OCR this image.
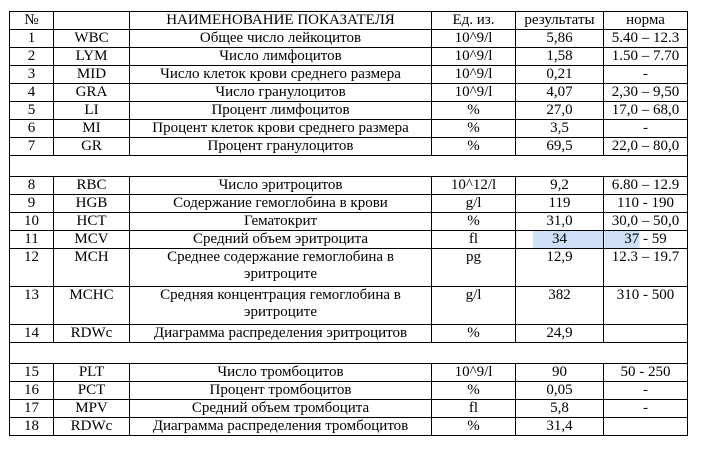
№		НАИМЕНОВАНИЕ ПОКАЗАТЕЛЯ	Ед. из.	результаты	норма
1	WBC	Общее число лейкоцитов	10^9/l	5,86	5.40 – 12.3
2	LYM	Число лимфоцитов	10^9/l	1,58	1.50 – 7.70
3	MID	Число клеток крови среднего размера	10^9/l	0,21	-
4	GRA	Число гранулоцитов	10^9/l	4,07	2,30 – 9,50
5	LI	Процент лимфоцитов	%	27,0	17,0 – 68,0
6	MI	Процент клеток крови среднего размера	%	3,5	-
7	GR	Процент гранулоцитов	%	69,5	22,0 – 80,0

8	RBC	Число эритроцитов	10^12/l	9,2	6.80 – 12.9
9	HGB	Содержание гемоглобина в крови	g/l	119	110 - 190
10	HCT	Гематокрит	%	31,0	30,0 – 50,0
11	MCV	Средний объем эритроцита	fl	34	37 - 59
12	MCH	Среднее содержание гемоглобина в эритроците	pg	12,9	12.3 – 19.7
13	MCHC	Средняя концентрация гемоглобина в эритроците	g/l	382	310 - 500
14	RDWc	Диаграмма распределения эритроцитов	%	24,9	

15	PLT	Число тромбоцитов	10^9/l	90	50 - 250
16	PCT	Процент тромбоцитов	%	0,05	-
17	MPV	Средний объем тромбоцита	fl	5,8	-
18	RDWc	Диаграмма распределения тромбоцитов	%	31,4	
